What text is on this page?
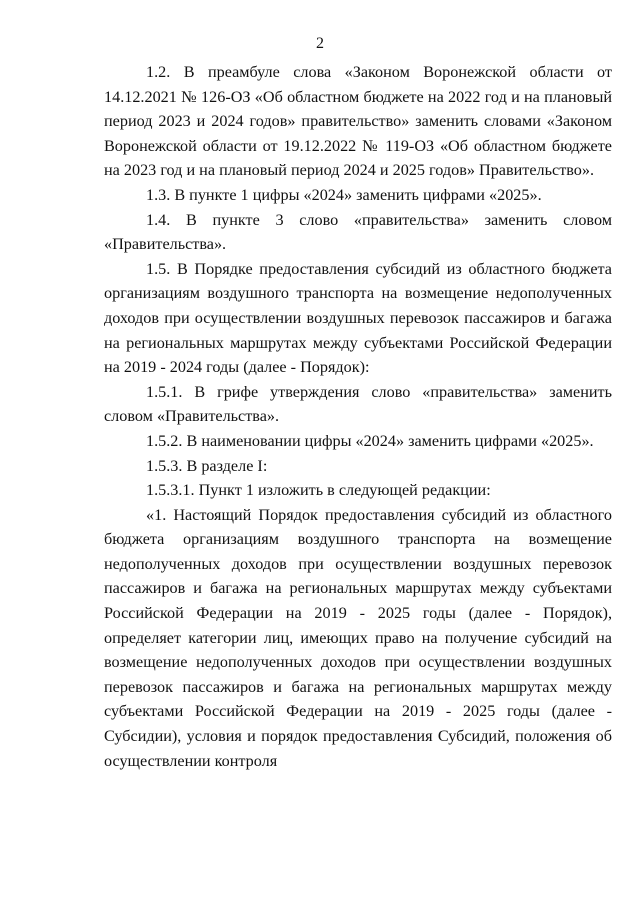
2

1.2. В преамбуле слова «Законом Воронежской области от 14.12.2021 № 126-ОЗ «Об областном бюджете на 2022 год и на плановый период 2023 и 2024 годов» правительство» заменить словами «Законом Воронежской области от 19.12.2022 № 119-ОЗ «Об областном бюджете на 2023 год и на плановый период 2024 и 2025 годов» Правительство».

1.3. В пункте 1 цифры «2024» заменить цифрами «2025».

1.4. В пункте 3 слово «правительства» заменить словом «Правительства».

1.5. В Порядке предоставления субсидий из областного бюджета организациям воздушного транспорта на возмещение недополученных доходов при осуществлении воздушных перевозок пассажиров и багажа на региональных маршрутах между субъектами Российской Федерации на 2019 - 2024 годы (далее - Порядок):

1.5.1. В грифе утверждения слово «правительства» заменить словом «Правительства».

1.5.2. В наименовании цифры «2024» заменить цифрами «2025».

1.5.3. В разделе I:

1.5.3.1. Пункт 1 изложить в следующей редакции:

«1. Настоящий Порядок предоставления субсидий из областного бюджета организациям воздушного транспорта на возмещение недополученных доходов при осуществлении воздушных перевозок пассажиров и багажа на региональных маршрутах между субъектами Российской Федерации на 2019 - 2025 годы (далее - Порядок), определяет категории лиц, имеющих право на получение субсидий на возмещение недополученных доходов при осуществлении воздушных перевозок пассажиров и багажа на региональных маршрутах между субъектами Российской Федерации на 2019 - 2025 годы (далее - Субсидии), условия и порядок предоставления Субсидий, положения об осуществлении контроля
